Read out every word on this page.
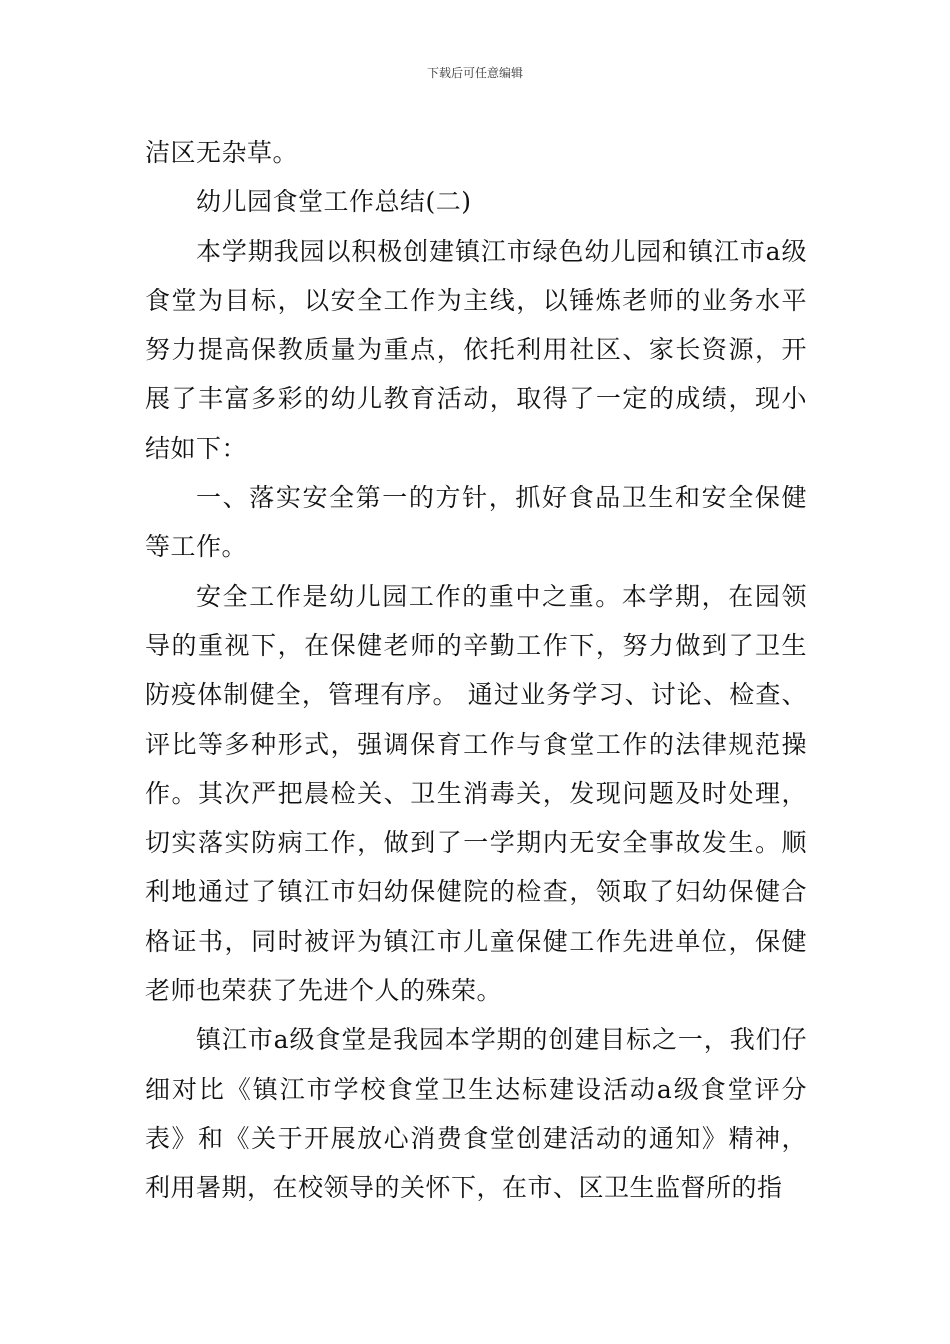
下载后可任意编辑

洁区无杂草。

幼儿园食堂工作总结(二)

本学期我园以积极创建镇江市绿色幼儿园和镇江市a级食堂为目标，以安全工作为主线，以锤炼老师的业务水平努力提高保教质量为重点，依托利用社区、家长资源，开展了丰富多彩的幼儿教育活动，取得了一定的成绩，现小结如下：

一、落实安全第一的方针，抓好食品卫生和安全保健等工作。

安全工作是幼儿园工作的重中之重。本学期，在园领导的重视下，在保健老师的辛勤工作下，努力做到了卫生防疫体制健全，管理有序。 通过业务学习、讨论、检查、评比等多种形式，强调保育工作与食堂工作的法律规范操作。其次严把晨检关、卫生消毒关，发现问题及时处理，切实落实防病工作，做到了一学期内无安全事故发生。顺利地通过了镇江市妇幼保健院的检查，领取了妇幼保健合格证书，同时被评为镇江市儿童保健工作先进单位，保健老师也荣获了先进个人的殊荣。

镇江市a级食堂是我园本学期的创建目标之一，我们仔细对比《镇江市学校食堂卫生达标建设活动a级食堂评分表》和《关于开展放心消费食堂创建活动的通知》精神，利用暑期，在校领导的关怀下，在市、区卫生监督所的指
